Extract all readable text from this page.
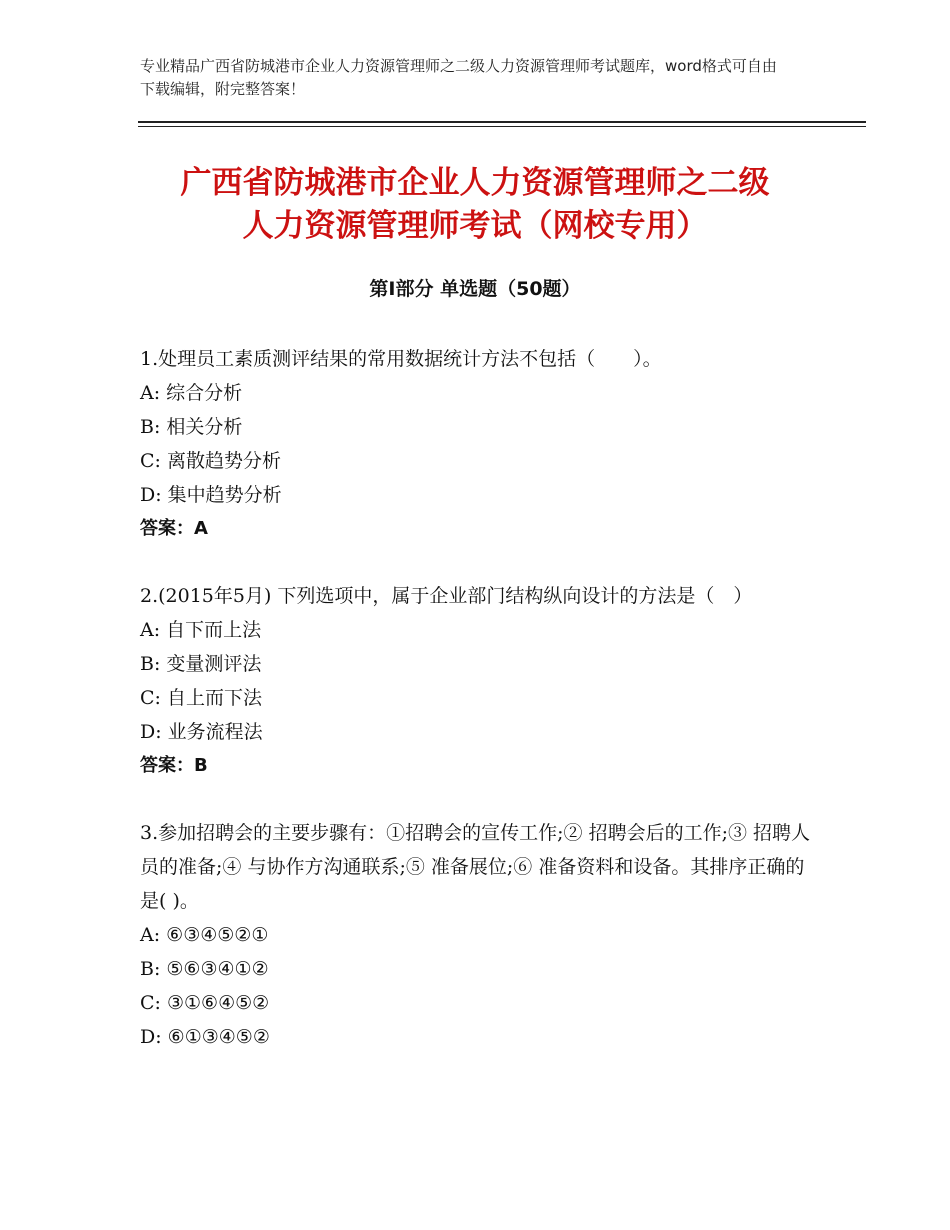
专业精品广西省防城港市企业人力资源管理师之二级人力资源管理师考试题库，word格式可自由下载编辑，附完整答案！
广西省防城港市企业人力资源管理师之二级
人力资源管理师考试（网校专用）
第Ⅰ部分 单选题（50题）
1.处理员工素质测评结果的常用数据统计方法不包括（　　）。
A: 综合分析
B: 相关分析
C: 离散趋势分析
D: 集中趋势分析
答案：A
2.(2015年5月) 下列选项中，属于企业部门结构纵向设计的方法是（　）
A: 自下而上法
B: 变量测评法
C: 自上而下法
D: 业务流程法
答案：B
3.参加招聘会的主要步骤有：①招聘会的宣传工作;② 招聘会后的工作;③ 招聘人员的准备;④ 与协作方沟通联系;⑤ 准备展位;⑥ 准备资料和设备。其排序正确的是( )。
A: ⑥③④⑤②①
B: ⑤⑥③④①②
C: ③①⑥④⑤②
D: ⑥①③④⑤②
